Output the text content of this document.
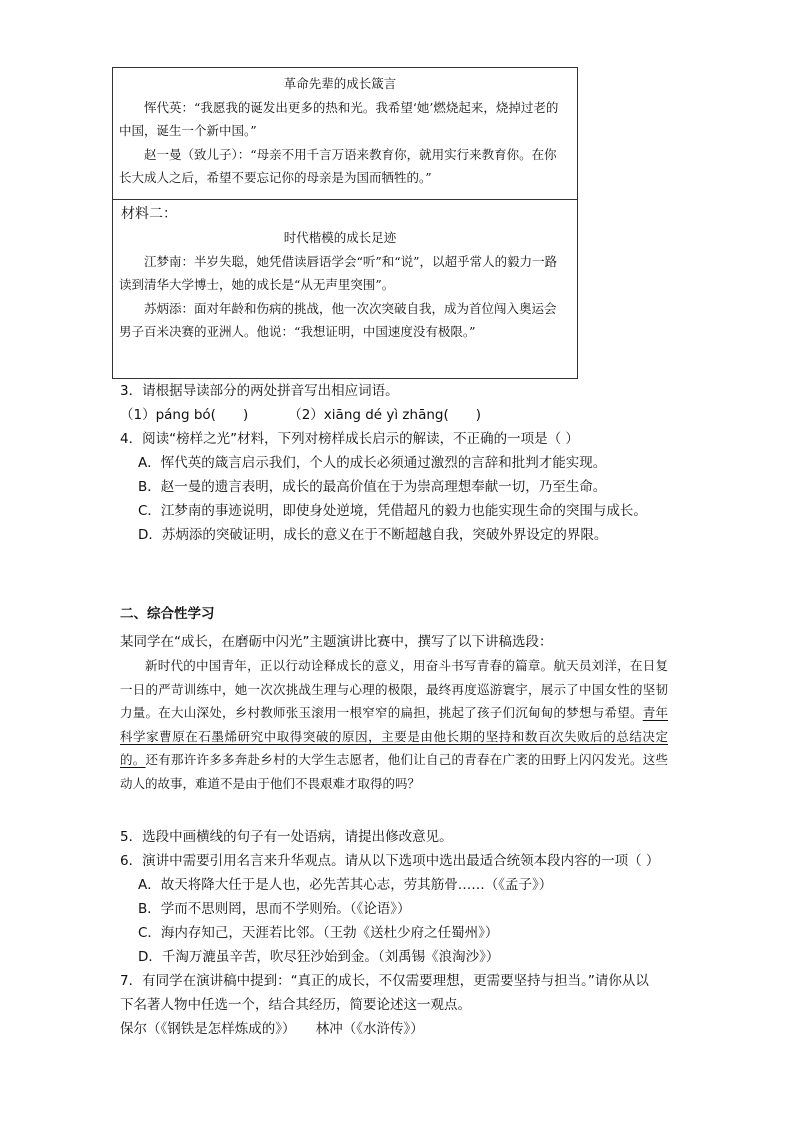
革命先辈的成长箴言

恽代英：“我愿我的诞发出更多的热和光。我希望‘她’燃烧起来，烧掉过老的中国，诞生一个新中国。”

赵一曼（致儿子）：“母亲不用千言万语来教育你，就用实行来教育你。在你长大成人之后，希望不要忘记你的母亲是为国而牺牲的。”

材料二：

时代楷模的成长足迹

江梦南：半岁失聪，她凭借读唇语学会“听”和“说”，以超乎常人的毅力一路读到清华大学博士，她的成长是“从无声里突围”。

苏炳添：面对年龄和伤病的挑战，他一次次突破自我，成为首位闯入奥运会男子百米决赛的亚洲人。他说：“我想证明，中国速度没有极限。”

3．请根据导读部分的两处拼音写出相应词语。

（1）páng bó(　　)	（2）xiāng dé yì zhāng(　　)

4．阅读“榜样之光”材料，下列对榜样成长启示的解读，不正确的一项是（ ）

A．恽代英的箴言启示我们，个人的成长必须通过激烈的言辞和批判才能实现。

B．赵一曼的遗言表明，成长的最高价值在于为崇高理想奉献一切，乃至生命。

C．江梦南的事迹说明，即使身处逆境，凭借超凡的毅力也能实现生命的突围与成长。

D．苏炳添的突破证明，成长的意义在于不断超越自我，突破外界设定的界限。

二、综合性学习

某同学在“成长，在磨砺中闪光”主题演讲比赛中，撰写了以下讲稿选段：

新时代的中国青年，正以行动诠释成长的意义，用奋斗书写青春的篇章。航天员刘洋，在日复一日的严苛训练中，她一次次挑战生理与心理的极限，最终再度巡游寰宇，展示了中国女性的坚韧力量。在大山深处，乡村教师张玉滚用一根窄窄的扁担，挑起了孩子们沉甸甸的梦想与希望。青年科学家曹原在石墨烯研究中取得突破的原因，主要是由他长期的坚持和数百次失败后的总结决定的。还有那许许多多奔赴乡村的大学生志愿者，他们让自己的青春在广袤的田野上闪闪发光。这些动人的故事，难道不是由于他们不畏艰难才取得的吗？

5．选段中画横线的句子有一处语病，请提出修改意见。

6．演讲中需要引用名言来升华观点。请从以下选项中选出最适合统领本段内容的一项（ ）

A．故天将降大任于是人也，必先苦其心志，劳其筋骨……（《孟子》）

B．学而不思则罔，思而不学则殆。（《论语》）

C．海内存知己，天涯若比邻。（王勃《送杜少府之任蜀州》）

D．千淘万漉虽辛苦，吹尽狂沙始到金。（刘禹锡《浪淘沙》）

7．有同学在演讲稿中提到：“真正的成长，不仅需要理想，更需要坚持与担当。”请你从以

下名著人物中任选一个，结合其经历，简要论述这一观点。

保尔（《钢铁是怎样炼成的》）　　林冲（《水浒传》）
